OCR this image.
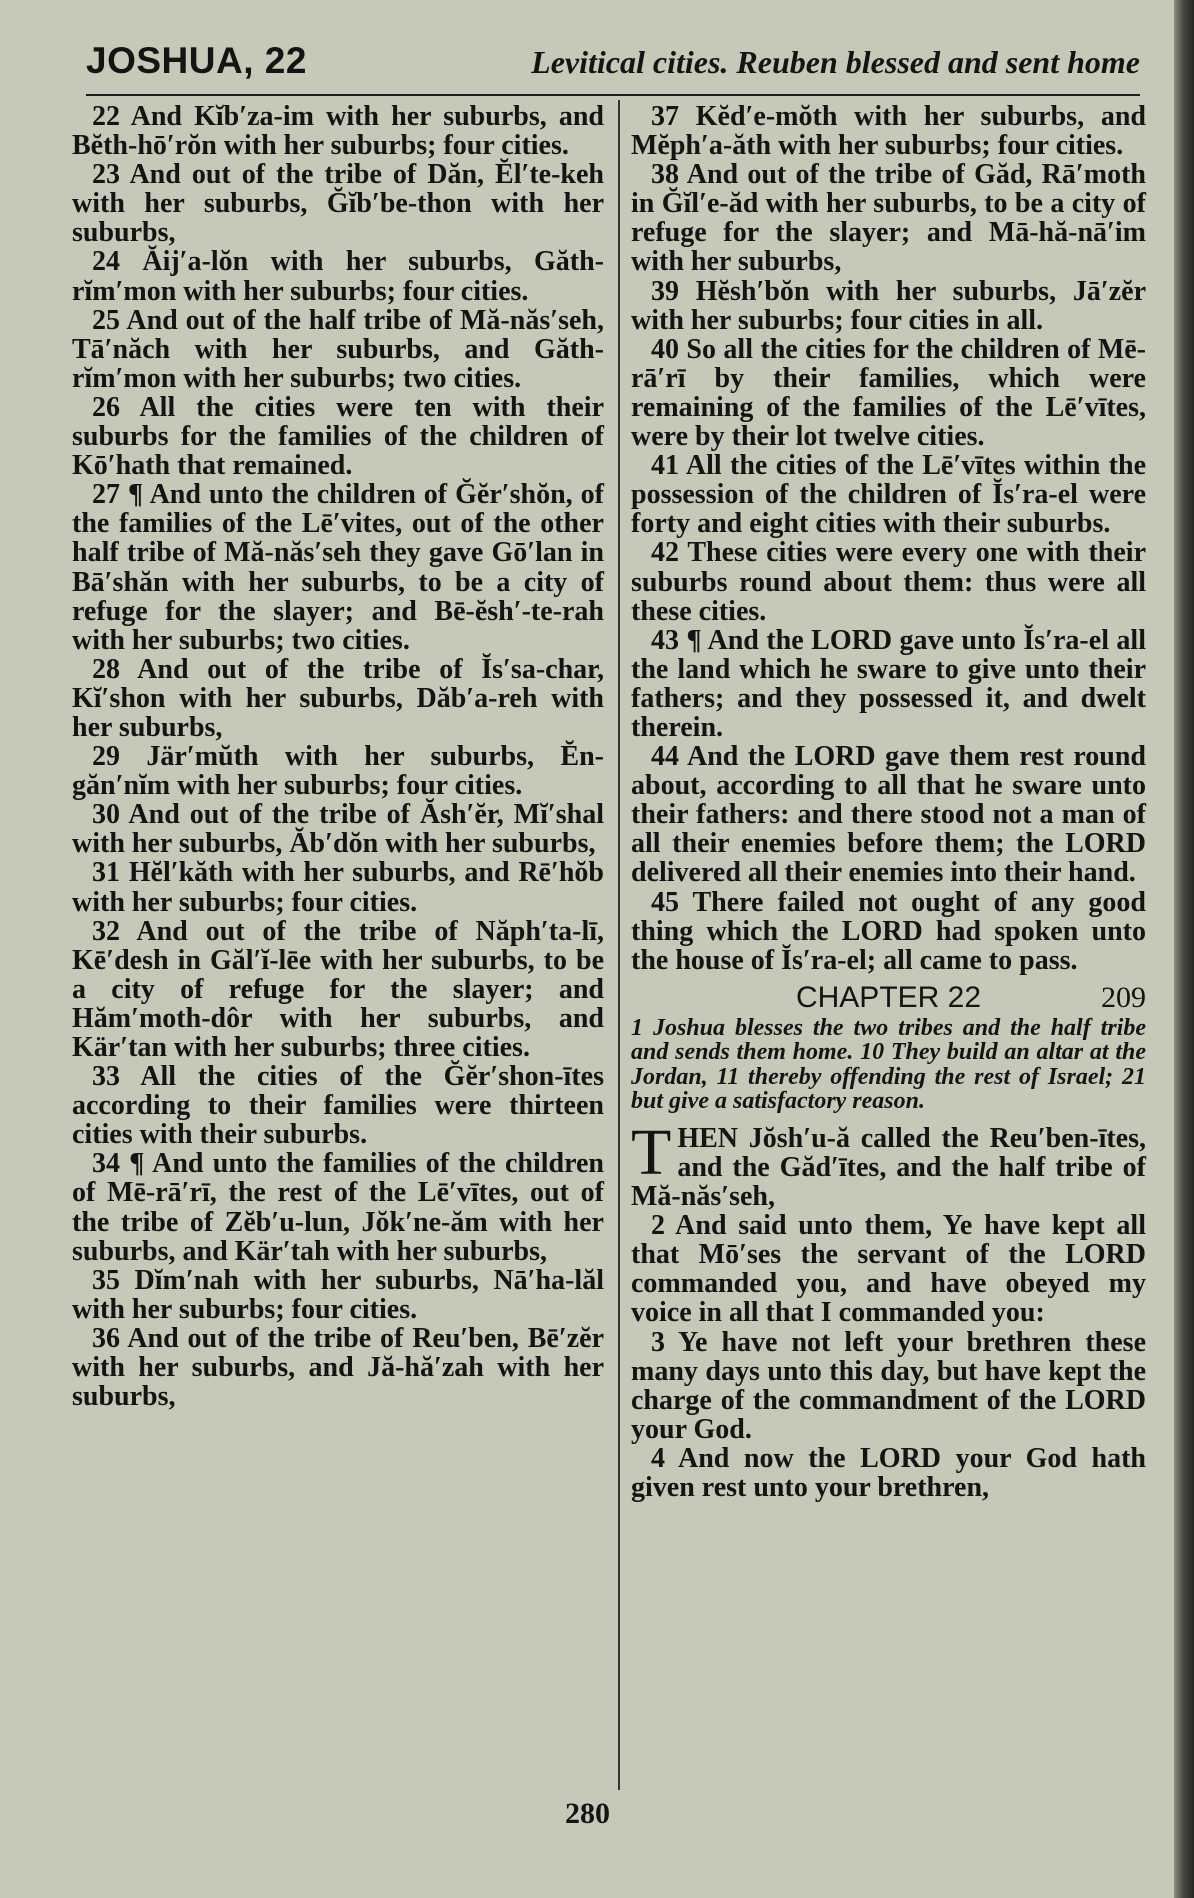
JOSHUA, 22	Levitical cities. Reuben blessed and sent home

22 And Kĭb′za-im with her suburbs, and Bĕth-hō′rŏn with her suburbs; four cities.

23 And out of the tribe of Dăn, Ĕl′te-keh with her suburbs, Ğĭb′be-thon with her suburbs,

24 Ăij′a-lŏn with her suburbs, Găth-rĭm′mon with her suburbs; four cities.

25 And out of the half tribe of Mă-năs′seh, Tā′năch with her suburbs, and Găth-rĭm′mon with her suburbs; two cities.

26 All the cities were ten with their suburbs for the families of the children of Kō′hath that remained.

27 ¶ And unto the children of Ğĕr′shŏn, of the families of the Lē′vites, out of the other half tribe of Mă-năs′seh they gave Gō′lan in Bā′shăn with her suburbs, to be a city of refuge for the slayer; and Bē-ĕsh′-te-rah with her suburbs; two cities.

28 And out of the tribe of Ĭs′sa-char, Kĭ′shon with her suburbs, Dăb′a-reh with her suburbs,

29 Jär′mŭth with her suburbs, Ĕn-găn′nĭm with her suburbs; four cities.

30 And out of the tribe of Ăsh′ĕr, Mĭ′shal with her suburbs, Ăb′dŏn with her suburbs,

31 Hĕl′kăth with her suburbs, and Rē′hŏb with her suburbs; four cities.

32 And out of the tribe of Năph′ta-lī, Kē′desh in Găl′ĭ-lēe with her suburbs, to be a city of refuge for the slayer; and Hăm′moth-dôr with her suburbs, and Kär′tan with her suburbs; three cities.

33 All the cities of the Ğĕr′shon-ītes according to their families were thirteen cities with their suburbs.

34 ¶ And unto the families of the children of Mē-rā′rī, the rest of the Lē′vītes, out of the tribe of Zĕb′u-lun, Jŏk′ne-ăm with her suburbs, and Kär′tah with her suburbs,

35 Dĭm′nah with her suburbs, Nā′ha-lăl with her suburbs; four cities.

36 And out of the tribe of Reu′ben, Bē′zĕr with her suburbs, and Jă-hă′zah with her suburbs,

37 Kĕd′e-mŏth with her suburbs, and Mĕph′a-ăth with her suburbs; four cities.

38 And out of the tribe of Găd, Rā′moth in Ğĭl′e-ăd with her suburbs, to be a city of refuge for the slayer; and Mā-hă-nā′im with her suburbs,

39 Hĕsh′bŏn with her suburbs, Jā′zĕr with her suburbs; four cities in all.

40 So all the cities for the children of Mē-rā′rī by their families, which were remaining of the families of the Lē′vītes, were by their lot twelve cities.

41 All the cities of the Lē′vītes within the possession of the children of Ĭs′ra-el were forty and eight cities with their suburbs.

42 These cities were every one with their suburbs round about them: thus were all these cities.

43 ¶ And the LORD gave unto Ĭs′ra-el all the land which he sware to give unto their fathers; and they possessed it, and dwelt therein.

44 And the LORD gave them rest round about, according to all that he sware unto their fathers: and there stood not a man of all their enemies before them; the LORD delivered all their enemies into their hand.

45 There failed not ought of any good thing which the LORD had spoken unto the house of Ĭs′ra-el; all came to pass.

CHAPTER 22	209

1 Joshua blesses the two tribes and the half tribe and sends them home. 10 They build an altar at the Jordan, 11 thereby offending the rest of Israel; 21 but give a satisfactory reason.

THEN Jŏsh′u-ă called the Reu′ben-ītes, and the Găd′ītes, and the half tribe of Mă-năs′seh,

2 And said unto them, Ye have kept all that Mō′ses the servant of the LORD commanded you, and have obeyed my voice in all that I commanded you:

3 Ye have not left your brethren these many days unto this day, but have kept the charge of the commandment of the LORD your God.

4 And now the LORD your God hath given rest unto your brethren,

280
